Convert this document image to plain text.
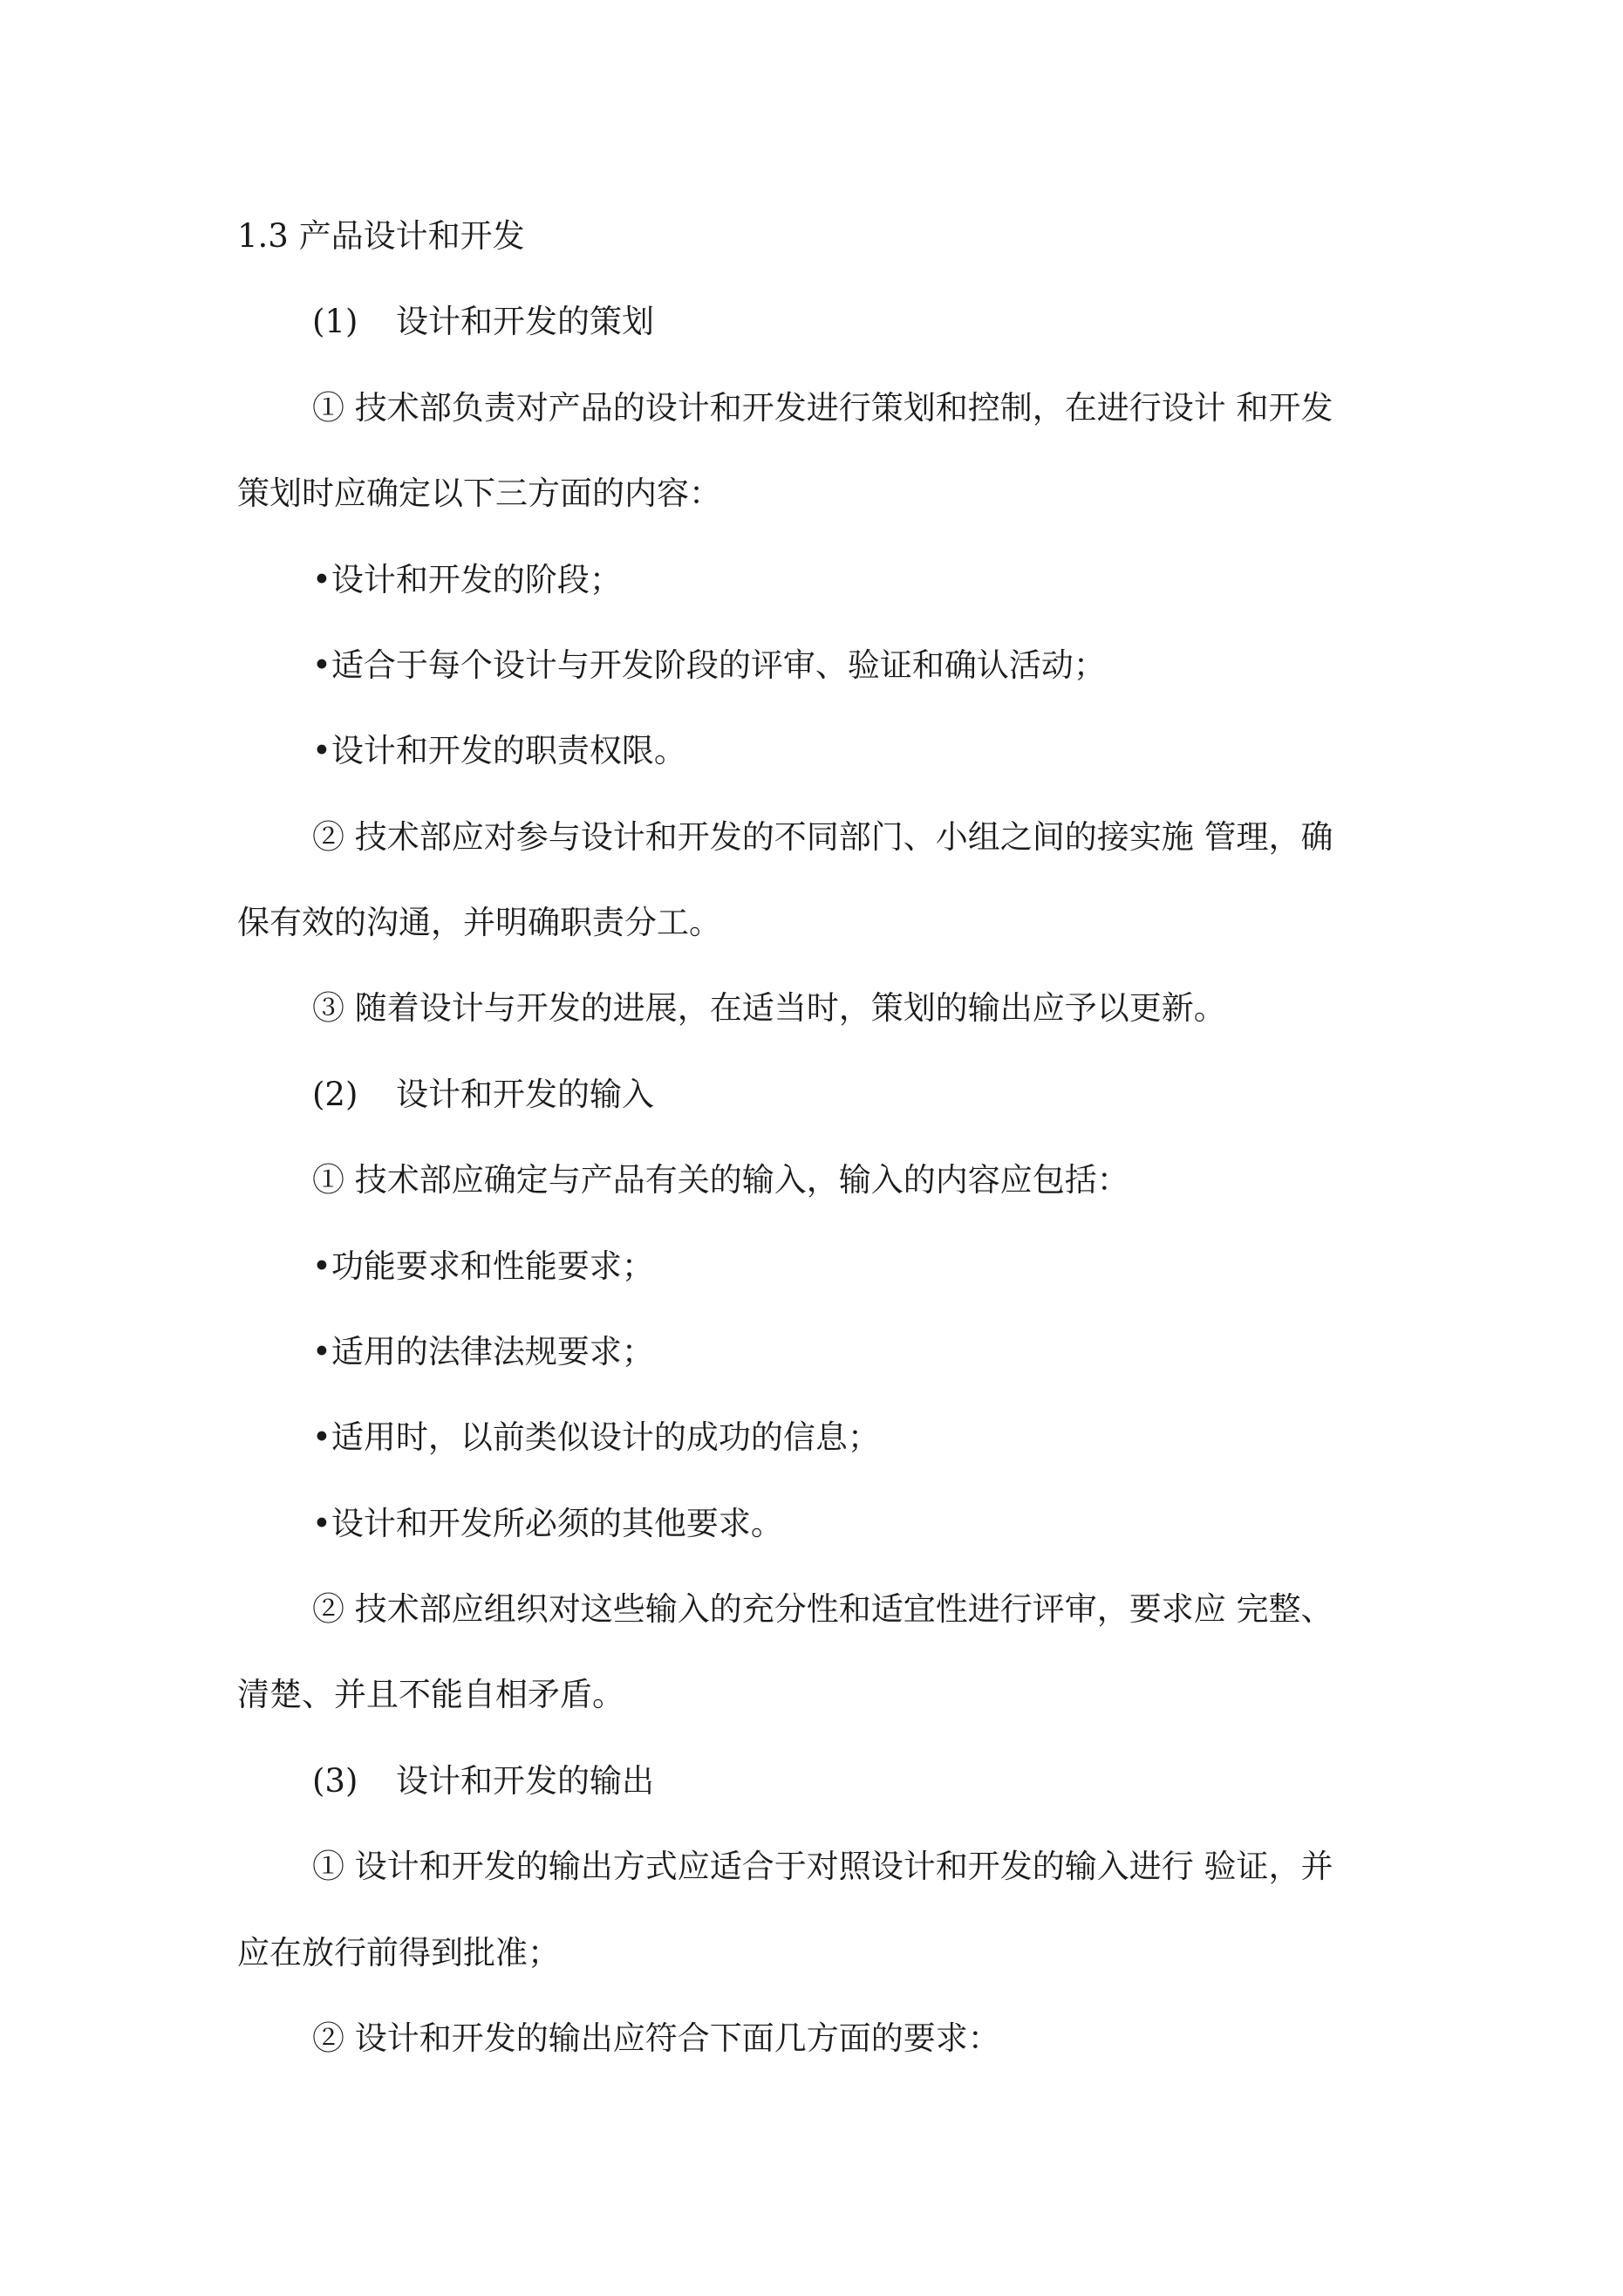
1.3 产品设计和开发
(1) 设计和开发的策划
① 技术部负责对产品的设计和开发进行策划和控制，在进行设计 和开发
策划时应确定以下三方面的内容：
•设计和开发的阶段；
•适合于每个设计与开发阶段的评审、验证和确认活动；
•设计和开发的职责权限。
② 技术部应对参与设计和开发的不同部门、小组之间的接实施 管理，确
保有效的沟通，并明确职责分工。
③ 随着设计与开发的进展，在适当时，策划的输出应予以更新。
(2) 设计和开发的输入
① 技术部应确定与产品有关的输入，输入的内容应包括：
•功能要求和性能要求；
•适用的法律法规要求；
•适用时，以前类似设计的成功的信息；
•设计和开发所必须的其他要求。
② 技术部应组织对这些输入的充分性和适宜性进行评审，要求应 完整、
清楚、并且不能自相矛盾。
(3) 设计和开发的输出
① 设计和开发的输出方式应适合于对照设计和开发的输入进行 验证，并
应在放行前得到批准；
② 设计和开发的输出应符合下面几方面的要求：
